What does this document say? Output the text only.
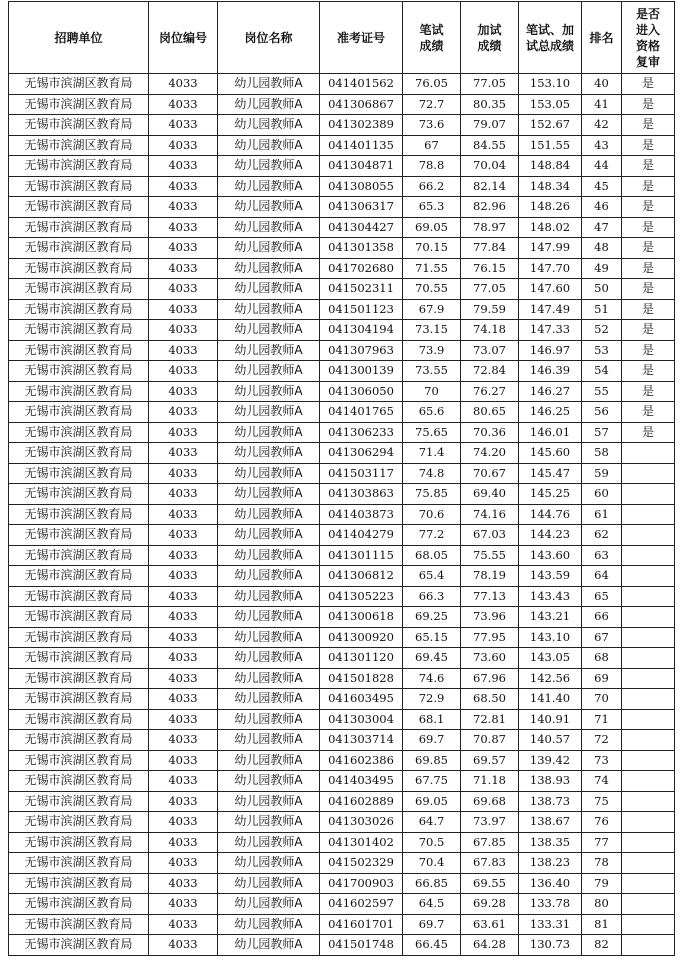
招聘单位	岗位编号	岗位名称	准考证号	笔试成绩	加试成绩	笔试、加试总成绩	排名	是否进入资格复审
无锡市滨湖区教育局	4033	幼儿园教师A	041401562	76.05	77.05	153.10	40	是
无锡市滨湖区教育局	4033	幼儿园教师A	041306867	72.7	80.35	153.05	41	是
无锡市滨湖区教育局	4033	幼儿园教师A	041302389	73.6	79.07	152.67	42	是
无锡市滨湖区教育局	4033	幼儿园教师A	041401135	67	84.55	151.55	43	是
无锡市滨湖区教育局	4033	幼儿园教师A	041304871	78.8	70.04	148.84	44	是
无锡市滨湖区教育局	4033	幼儿园教师A	041308055	66.2	82.14	148.34	45	是
无锡市滨湖区教育局	4033	幼儿园教师A	041306317	65.3	82.96	148.26	46	是
无锡市滨湖区教育局	4033	幼儿园教师A	041304427	69.05	78.97	148.02	47	是
无锡市滨湖区教育局	4033	幼儿园教师A	041301358	70.15	77.84	147.99	48	是
无锡市滨湖区教育局	4033	幼儿园教师A	041702680	71.55	76.15	147.70	49	是
无锡市滨湖区教育局	4033	幼儿园教师A	041502311	70.55	77.05	147.60	50	是
无锡市滨湖区教育局	4033	幼儿园教师A	041501123	67.9	79.59	147.49	51	是
无锡市滨湖区教育局	4033	幼儿园教师A	041304194	73.15	74.18	147.33	52	是
无锡市滨湖区教育局	4033	幼儿园教师A	041307963	73.9	73.07	146.97	53	是
无锡市滨湖区教育局	4033	幼儿园教师A	041300139	73.55	72.84	146.39	54	是
无锡市滨湖区教育局	4033	幼儿园教师A	041306050	70	76.27	146.27	55	是
无锡市滨湖区教育局	4033	幼儿园教师A	041401765	65.6	80.65	146.25	56	是
无锡市滨湖区教育局	4033	幼儿园教师A	041306233	75.65	70.36	146.01	57	是
无锡市滨湖区教育局	4033	幼儿园教师A	041306294	71.4	74.20	145.60	58	
无锡市滨湖区教育局	4033	幼儿园教师A	041503117	74.8	70.67	145.47	59	
无锡市滨湖区教育局	4033	幼儿园教师A	041303863	75.85	69.40	145.25	60	
无锡市滨湖区教育局	4033	幼儿园教师A	041403873	70.6	74.16	144.76	61	
无锡市滨湖区教育局	4033	幼儿园教师A	041404279	77.2	67.03	144.23	62	
无锡市滨湖区教育局	4033	幼儿园教师A	041301115	68.05	75.55	143.60	63	
无锡市滨湖区教育局	4033	幼儿园教师A	041306812	65.4	78.19	143.59	64	
无锡市滨湖区教育局	4033	幼儿园教师A	041305223	66.3	77.13	143.43	65	
无锡市滨湖区教育局	4033	幼儿园教师A	041300618	69.25	73.96	143.21	66	
无锡市滨湖区教育局	4033	幼儿园教师A	041300920	65.15	77.95	143.10	67	
无锡市滨湖区教育局	4033	幼儿园教师A	041301120	69.45	73.60	143.05	68	
无锡市滨湖区教育局	4033	幼儿园教师A	041501828	74.6	67.96	142.56	69	
无锡市滨湖区教育局	4033	幼儿园教师A	041603495	72.9	68.50	141.40	70	
无锡市滨湖区教育局	4033	幼儿园教师A	041303004	68.1	72.81	140.91	71	
无锡市滨湖区教育局	4033	幼儿园教师A	041303714	69.7	70.87	140.57	72	
无锡市滨湖区教育局	4033	幼儿园教师A	041602386	69.85	69.57	139.42	73	
无锡市滨湖区教育局	4033	幼儿园教师A	041403495	67.75	71.18	138.93	74	
无锡市滨湖区教育局	4033	幼儿园教师A	041602889	69.05	69.68	138.73	75	
无锡市滨湖区教育局	4033	幼儿园教师A	041303026	64.7	73.97	138.67	76	
无锡市滨湖区教育局	4033	幼儿园教师A	041301402	70.5	67.85	138.35	77	
无锡市滨湖区教育局	4033	幼儿园教师A	041502329	70.4	67.83	138.23	78	
无锡市滨湖区教育局	4033	幼儿园教师A	041700903	66.85	69.55	136.40	79	
无锡市滨湖区教育局	4033	幼儿园教师A	041602597	64.5	69.28	133.78	80	
无锡市滨湖区教育局	4033	幼儿园教师A	041601701	69.7	63.61	133.31	81	
无锡市滨湖区教育局	4033	幼儿园教师A	041501748	66.45	64.28	130.73	82	
